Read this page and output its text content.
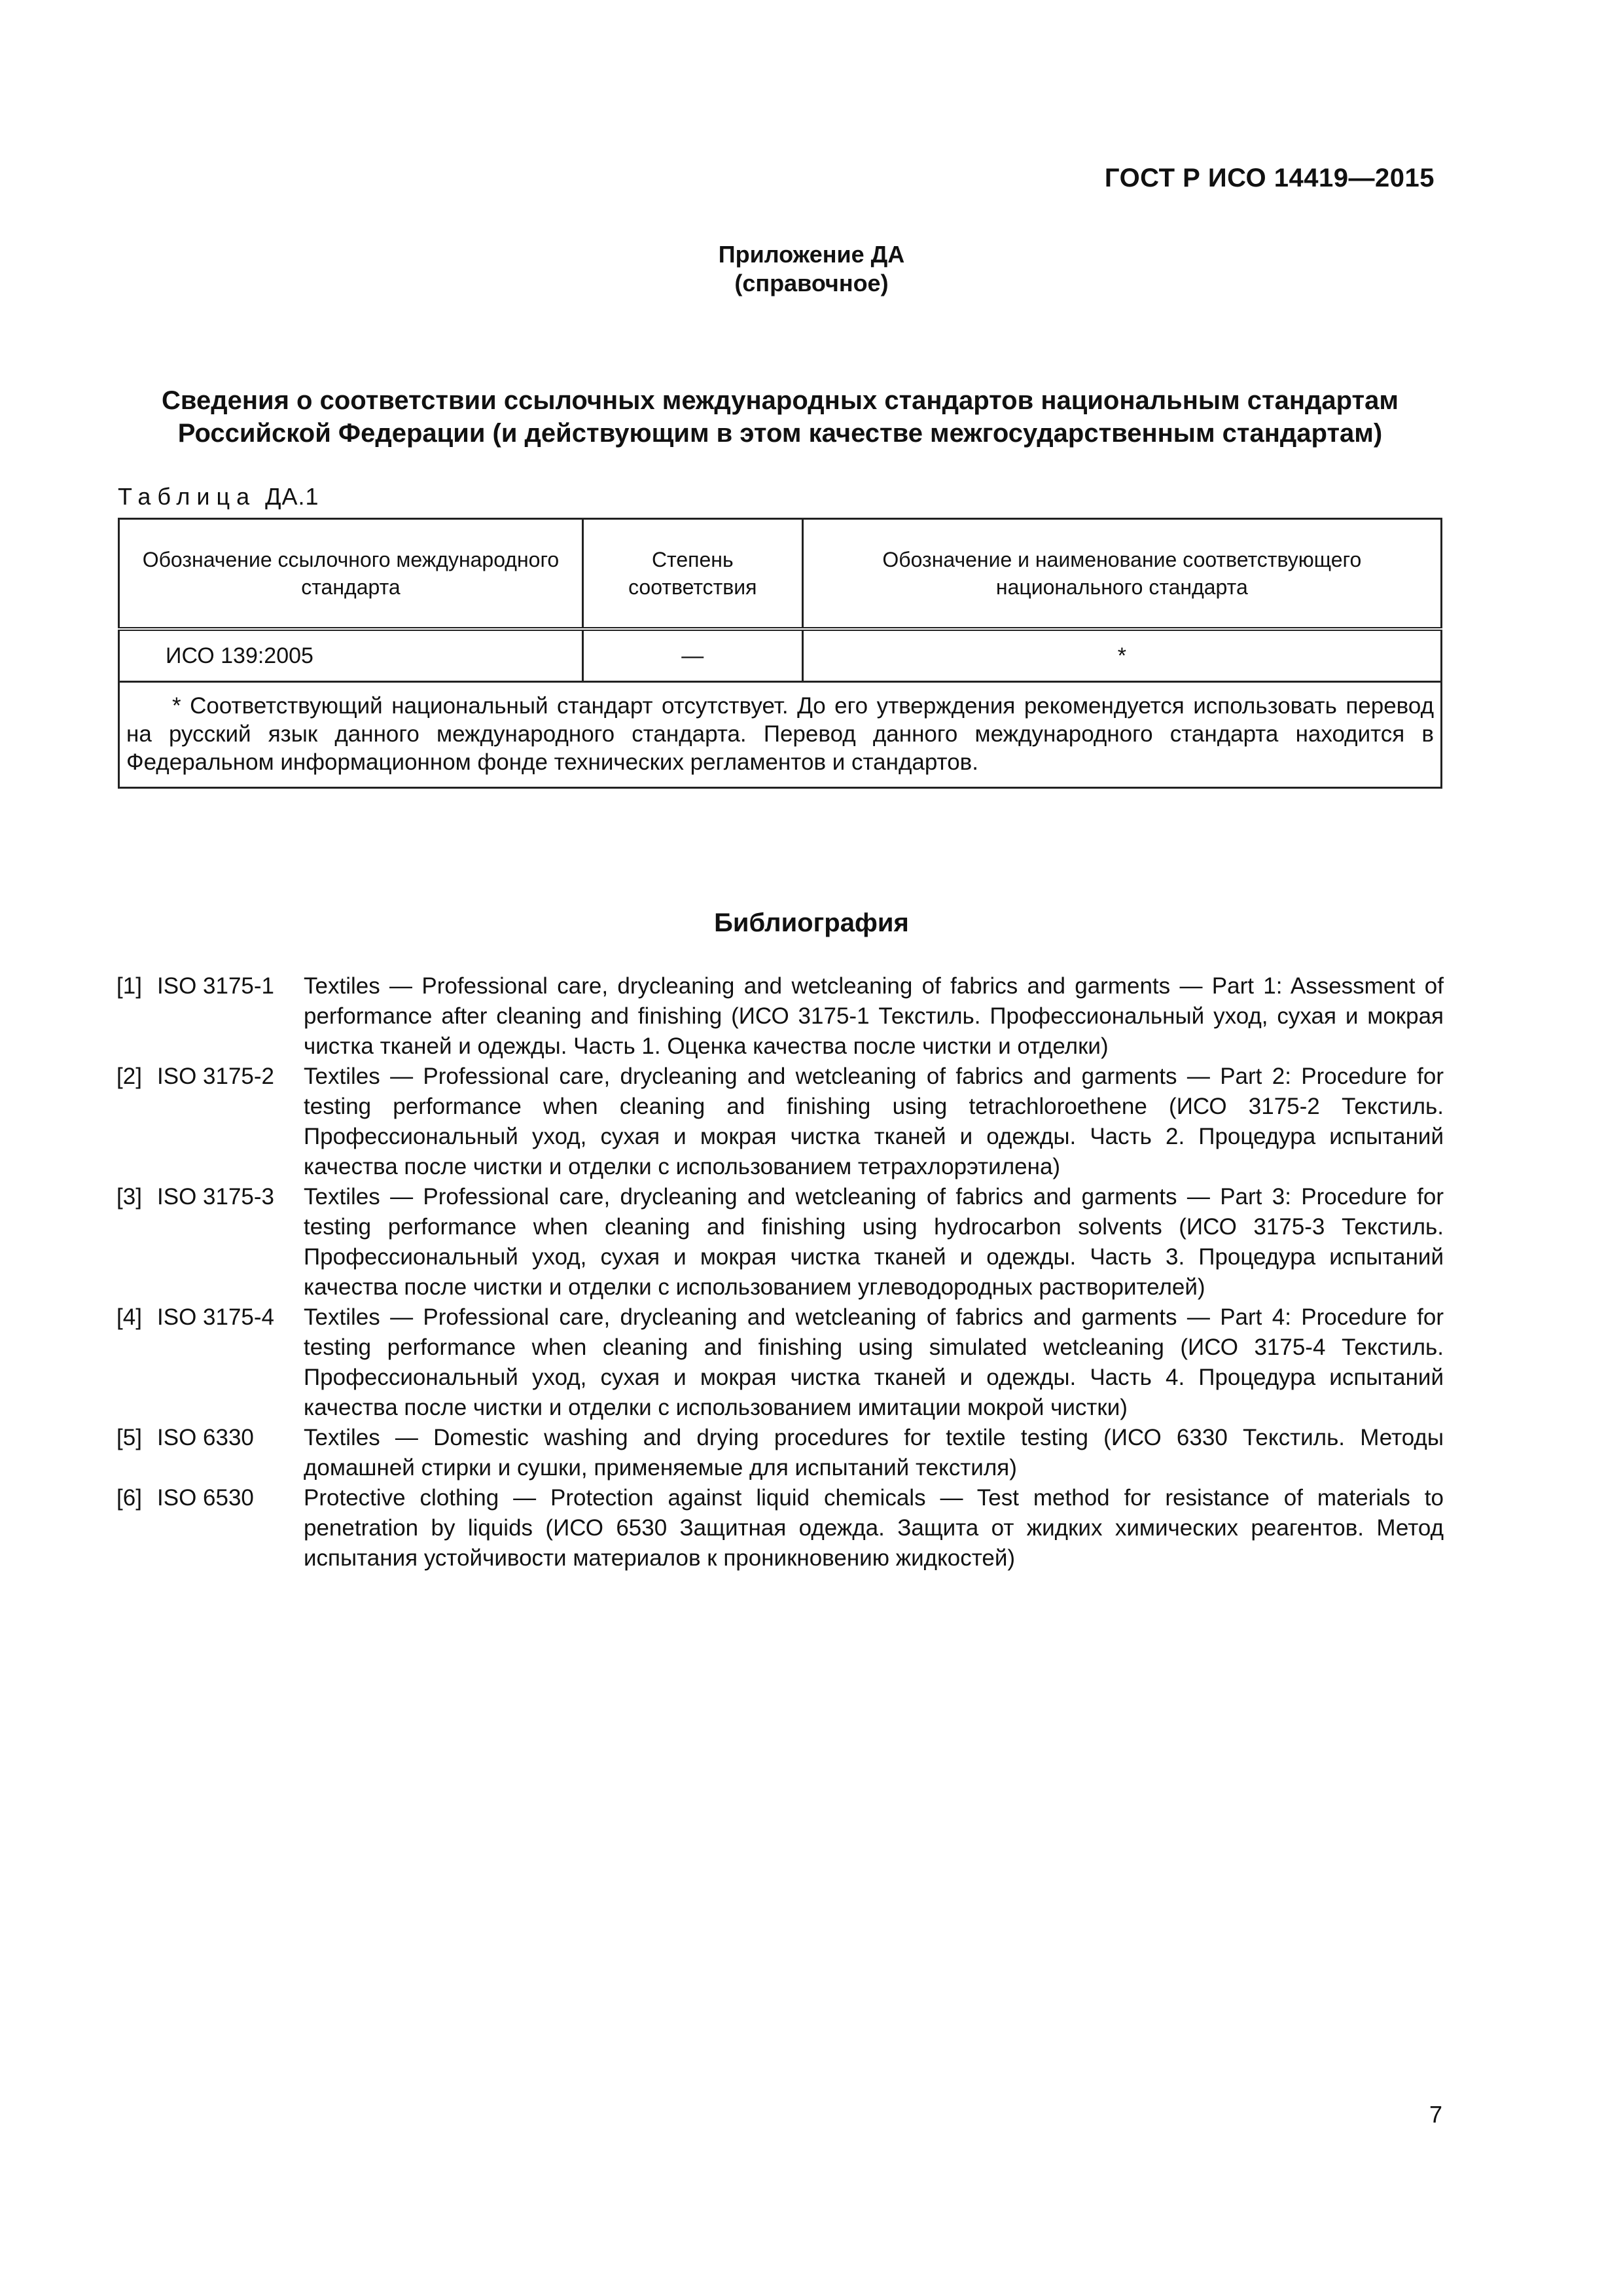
ГОСТ Р ИСО 14419—2015
Приложение ДА
(справочное)
Сведения о соответствии ссылочных международных стандартов национальным стандартам
Российской Федерации (и действующим в этом качестве межгосударственным стандартам)
Таблица ДА.1
Обозначение ссылочного международного стандарта	Степень соответствия	Обозначение и наименование соответствующего национального стандарта
ИСО 139:2005	—	*
* Соответствующий национальный стандарт отсутствует. До его утверждения рекомендуется использовать перевод на русский язык данного международного стандарта. Перевод данного международного стандарта находится в Федеральном информационном фонде технических регламентов и стандартов.		
Библиография
[1] ISO 3175-1	Textiles — Professional care, drycleaning and wetcleaning of fabrics and garments — Part 1: Assessment of performance after cleaning and finishing (ИСО 3175-1 Текстиль. Профессиональный уход, сухая и мокрая чистка тканей и одежды. Часть 1. Оценка качества после чистки и отделки)
[2] ISO 3175-2	Textiles — Professional care, drycleaning and wetcleaning of fabrics and garments — Part 2: Procedure for testing performance when cleaning and finishing using tetrachloroethene (ИСО 3175-2 Текстиль. Профессиональный уход, сухая и мокрая чистка тканей и одежды. Часть 2. Процедура испытаний качества после чистки и отделки с использованием тетрахлорэтилена)
[3] ISO 3175-3	Textiles — Professional care, drycleaning and wetcleaning of fabrics and garments — Part 3: Procedure for testing performance when cleaning and finishing using hydrocarbon solvents (ИСО 3175-3 Текстиль. Профессиональный уход, сухая и мокрая чистка тканей и одежды. Часть 3. Процедура испытаний качества после чистки и отделки с использованием углеводородных растворителей)
[4] ISO 3175-4	Textiles — Professional care, drycleaning and wetcleaning of fabrics and garments — Part 4: Procedure for testing performance when cleaning and finishing using simulated wetcleaning (ИСО 3175-4 Текстиль. Профессиональный уход, сухая и мокрая чистка тканей и одежды. Часть 4. Процедура испытаний качества после чистки и отделки с использованием имитации мокрой чистки)
[5] ISO 6330	Textiles — Domestic washing and drying procedures for textile testing (ИСО 6330 Текстиль. Методы домашней стирки и сушки, применяемые для испытаний текстиля)
[6] ISO 6530	Protective clothing — Protection against liquid chemicals — Test method for resistance of materials to penetration by liquids (ИСО 6530 Защитная одежда. Защита от жидких химических реагентов. Метод испытания устойчивости материалов к проникновению жидкостей)
7
